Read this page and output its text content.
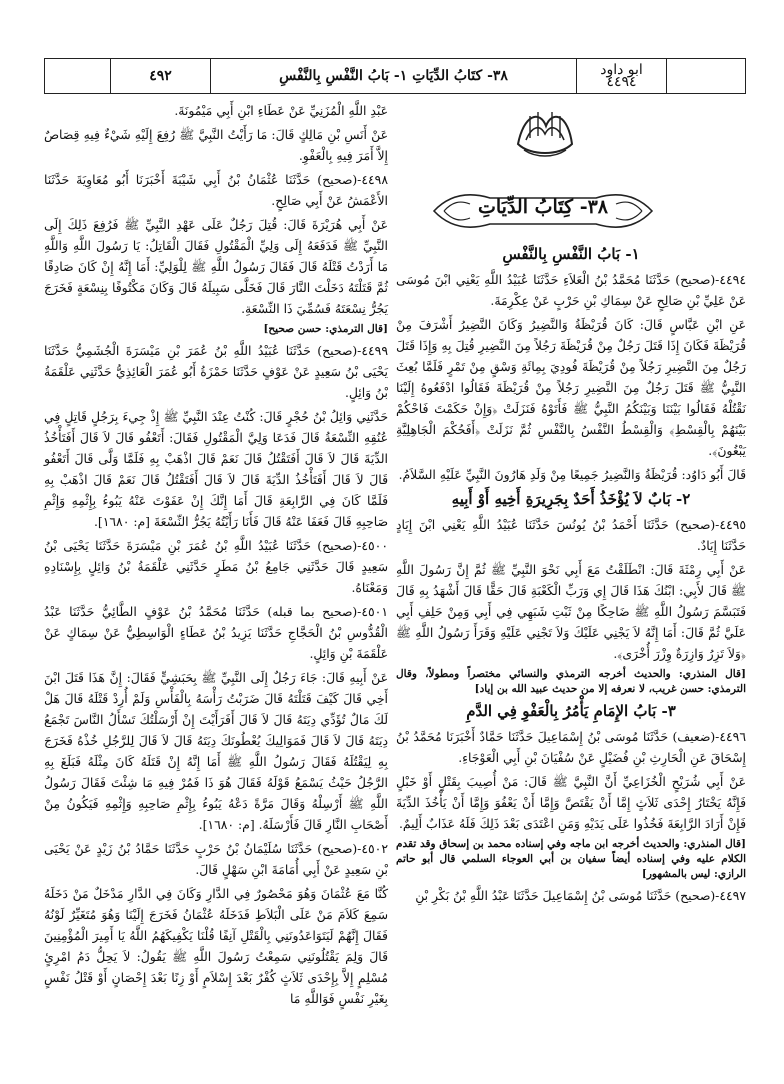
٤٩٢	٣٨- كتَابُ الدِّيَاتِ ١- بَابُ النَّفْسِ بِالنَّفْسِ	ابو داود
٤٤٩٤
٣٨- كِتَابُ الدِّيَاتِ

عَبْدِ اللَّهِ الْمُزَنِيِّ عَنْ عَطَاءِ ابْنِ أَبِي مَيْمُونَةَ.

عَنْ أَنَسِ بْنِ مَالِكٍ قَالَ: مَا رَأَيْتُ النَّبِيَّ ﷺ رُفِعَ إِلَيْهِ شَيْءٌ فِيهِ قِصَاصٌ إِلاَّ أَمَرَ فِيهِ بِالْعَفْوِ.

٤٤٩٨-(صحيح) حَدَّثَنَا عُثْمَانُ بْنُ أَبِي شَيْبَةَ أَخْبَرَنَا أَبُو مُعَاوِيَةَ حَدَّثَنَا الأَعْمَشُ عَنْ أَبِي صَالِحٍ.

عَنْ أَبِي هُرَيْرَةَ قَالَ: قُتِلَ رَجُلٌ عَلَى عَهْدِ النَّبِيِّ ﷺ فَرُفِعَ ذَلِكَ إِلَى النَّبِيِّ ﷺ فَدَفَعَهُ إِلَى وَلِيِّ الْمَقْتُولِ فَقَالَ الْقَاتِلُ: يَا رَسُولَ اللَّهِ وَاللَّهِ مَا أَرَدْتُ قَتْلَهُ قَالَ فَقَالَ رَسُولُ اللَّهِ ﷺ لِلْوَلِيِّ: أَمَا إِنَّهُ إِنْ كَانَ صَادِقًا ثُمَّ قَتَلْتَهُ دَخَلْتَ النَّارَ قَالَ فَخَلَّى سَبِيلَهُ قَالَ وَكَانَ مَكْتُوفًا بِنِسْعَةٍ فَخَرَجَ يَجُرُّ نِسْعَتَهُ فَسُمِّيَ ذَا النِّسْعَةِ.

[قال الترمذي: حسن صحيح]

٤٤٩٩-(صحيح) حَدَّثَنَا عُبَيْدُ اللَّهِ بْنُ عُمَرَ بْنِ مَيْسَرَةَ الْجُشَمِيُّ حَدَّثَنَا يَحْيَى بْنُ سَعِيدٍ عَنْ عَوْفٍ حَدَّثَنَا حَمْزَةُ أَبُو عُمَرَ الْعَائِذِيُّ حَدَّثَنِي عَلْقَمَةُ بْنُ وَائِلٍ.

حَدَّثَنِي وَائِلُ بْنُ حُجْرٍ قَالَ: كُنْتُ عِنْدَ النَّبِيِّ ﷺ إِذْ جِيءَ بِرَجُلٍ قَاتِلٍ فِي عُنُقِهِ النِّسْعَةُ قَالَ فَدَعَا وَلِيَّ الْمَقْتُولِ فَقَالَ: أَتَعْفُو قَالَ لاَ قَالَ أَفَتَأْخُذُ الدِّيَةَ قَالَ لاَ قَالَ أَفَتَقْتُلُ قَالَ نَعَمْ قَالَ اذْهَبْ بِهِ فَلَمَّا وَلَّى قَالَ أَتَعْفُو قَالَ لاَ قَالَ أَفَتَأْخُذُ الدِّيَةَ قَالَ لاَ قَالَ أَفَتَقْتُلُ قَالَ نَعَمْ قَالَ اذْهَبْ بِهِ فَلَمَّا كَانَ فِي الرَّابِعَةِ قَالَ أَمَا إِنَّكَ إِنْ عَفَوْتَ عَنْهُ يَبُوءُ بِإِثْمِهِ وَإِثْمِ صَاحِبِهِ قَالَ فَعَفَا عَنْهُ قَالَ فَأَنَا رَأَيْتُهُ يَجُرُّ النِّسْعَةَ [م: ١٦٨٠].

٤٥٠٠-(صحيح) حَدَّثَنَا عُبَيْدُ اللَّهِ بْنُ عُمَرَ بْنِ مَيْسَرَةَ حَدَّثَنَا يَحْيَى بْنُ سَعِيدٍ قَالَ حَدَّثَنِي جَامِعُ بْنُ مَطَرٍ حَدَّثَنِي عَلْقَمَةُ بْنُ وَائِلٍ بِإِسْنَادِهِ وَمَعْنَاهُ.

٤٥٠١-(صحيح بما قبله) حَدَّثَنَا مُحَمَّدُ بْنُ عَوْفٍ الطَّائِيُّ حَدَّثَنَا عَبْدُ الْقُدُّوسِ بْنُ الْحَجَّاجِ حَدَّثَنَا يَزِيدُ بْنُ عَطَاءٍ الْوَاسِطِيُّ عَنْ سِمَاكٍ عَنْ عَلْقَمَةَ بْنِ وَائِلٍ.

عَنْ أَبِيهِ قَالَ: جَاءَ رَجُلٌ إِلَى النَّبِيِّ ﷺ بِحَبَشِيٍّ فَقَالَ: إِنَّ هَذَا قَتَلَ ابْنَ أَخِي قَالَ كَيْفَ قَتَلْتَهُ قَالَ ضَرَبْتُ رَأْسَهُ بِالْفَأْسِ وَلَمْ أُرِدْ قَتْلَهُ قَالَ هَلْ لَكَ مَالٌ تُؤَدِّي دِيَتَهُ قَالَ لاَ قَالَ أَفَرَأَيْتَ إِنْ أَرْسَلْتُكَ تَسْأَلُ النَّاسَ تَجْمَعُ دِيَتَهُ قَالَ لاَ قَالَ فَمَوَالِيكَ يُعْطُونَكَ دِيَتَهُ قَالَ لاَ قَالَ لِلرَّجُلِ خُذْهُ فَخَرَجَ بِهِ لِيَقْتُلَهُ فَقَالَ رَسُولُ اللَّهِ ﷺ أَمَا إِنَّهُ إِنْ قَتَلَهُ كَانَ مِثْلَهُ فَبَلَغَ بِهِ الرَّجُلُ حَيْثُ يَسْمَعُ قَوْلَهُ فَقَالَ هُوَ ذَا فَمُرْ فِيهِ مَا شِئْتَ فَقَالَ رَسُولُ اللَّهِ ﷺ أَرْسِلْهُ وَقَالَ مَرَّةً دَعْهُ يَبُوءُ بِإِثْمِ صَاحِبِهِ وَإِثْمِهِ فَيَكُونُ مِنْ أَصْحَابِ النَّارِ قَالَ فَأَرْسَلَهُ. [م: ١٦٨٠].

٤٥٠٢-(صحيح) حَدَّثَنَا سُلَيْمَانُ بْنُ حَرْبٍ حَدَّثَنَا حَمَّادُ بْنُ زَيْدٍ عَنْ يَحْيَى بْنِ سَعِيدٍ عَنْ أَبِي أُمَامَةَ ابْنِ سَهْلٍ قَالَ.

كُنَّا مَعَ عُثْمَانَ وَهُوَ مَحْصُورٌ فِي الدَّارِ وَكَانَ فِي الدَّارِ مَدْخَلٌ مَنْ دَخَلَهُ سَمِعَ كَلاَمَ مَنْ عَلَى الْبَلاَطِ فَدَخَلَهُ عُثْمَانُ فَخَرَجَ إِلَيْنَا وَهُوَ مُتَغَيِّرٌ لَوْنُهُ فَقَالَ إِنَّهُمْ لَيَتَوَاعَدُونَنِي بِالْقَتْلِ آنِفًا قُلْنَا يَكْفِيكَهُمُ اللَّهُ يَا أَمِيرَ الْمُؤْمِنِينَ قَالَ وَلِمَ يَقْتُلُونَنِي سَمِعْتُ رَسُولَ اللَّهِ ﷺ يَقُولُ: لاَ يَحِلُّ دَمُ امْرِئٍ مُسْلِمٍ إِلاَّ بِإِحْدَى ثَلاَثٍ كُفْرٌ بَعْدَ إِسْلاَمٍ أَوْ زِنًا بَعْدَ إِحْصَانٍ أَوْ قَتْلُ نَفْسٍ بِغَيْرِ نَفْسٍ فَوَاللَّهِ مَا

١- بَابُ النَّفْسِ بِالنَّفْسِ

٤٤٩٤-(صحيح) حَدَّثَنَا مُحَمَّدُ بْنُ الْعَلاَءِ حَدَّثَنَا عُبَيْدُ اللَّهِ يَعْنِي ابْنَ مُوسَى عَنْ عَلِيِّ بْنِ صَالِحٍ عَنْ سِمَاكِ بْنِ حَرْبٍ عَنْ عِكْرِمَةَ.

عَنِ ابْنِ عَبَّاسٍ قَالَ: كَانَ قُرَيْظَةُ وَالنَّضِيرُ وَكَانَ النَّضِيرُ أَشْرَفَ مِنْ قُرَيْظَةَ فَكَانَ إِذَا قَتَلَ رَجُلٌ مِنْ قُرَيْظَةَ رَجُلاً مِنَ النَّضِيرِ قُتِلَ بِهِ وَإِذَا قَتَلَ رَجُلٌ مِنَ النَّضِيرِ رَجُلاً مِنْ قُرَيْظَةَ فُودِيَ بِمِائَةِ وَسْقٍ مِنْ تَمْرٍ فَلَمَّا بُعِثَ النَّبِيُّ ﷺ قَتَلَ رَجُلٌ مِنَ النَّضِيرِ رَجُلاً مِنْ قُرَيْظَةَ فَقَالُوا ادْفَعُوهُ إِلَيْنَا نَقْتُلْهُ فَقَالُوا بَيْنَنَا وَبَيْنَكُمُ النَّبِيُّ ﷺ فَأَتَوْهُ فَنَزَلَتْ ﴿وَإِنْ حَكَمْتَ فَاحْكُمْ بَيْنَهُمْ بِالْقِسْطِ﴾ وَالْقِسْطُ النَّفْسُ بِالنَّفْسِ ثُمَّ نَزَلَتْ ﴿أَفَحُكْمَ الْجَاهِلِيَّةِ يَبْغُونَ﴾.

قَالَ أَبُو دَاوُد: قُرَيْظَةُ وَالنَّضِيرُ جَمِيعًا مِنْ وَلَدِ هَارُونَ النَّبِيِّ عَلَيْهِ السَّلاَمُ.

٢- بَابٌ لاَ يُؤْخَذُ أَحَدٌ بِجَرِيرَةِ أَخِيهِ أَوْ أَبِيهِ

٤٤٩٥-(صحيح) حَدَّثَنَا أَحْمَدُ بْنُ يُونُسَ حَدَّثَنَا عُبَيْدُ اللَّهِ يَعْنِي ابْنَ إِيَادٍ حَدَّثَنَا إِيَادٌ.

عَنْ أَبِي رِمْثَةَ قَالَ: انْطَلَقْتُ مَعَ أَبِي نَحْوَ النَّبِيِّ ﷺ ثُمَّ إِنَّ رَسُولَ اللَّهِ ﷺ قَالَ لأَبِي: ابْنُكَ هَذَا قَالَ إِي وَرَبِّ الْكَعْبَةِ قَالَ حَقًّا قَالَ أَشْهَدُ بِهِ قَالَ فَتَبَسَّمَ رَسُولُ اللَّهِ ﷺ ضَاحِكًا مِنْ ثَبْتِ شَبَهِي فِي أَبِي وَمِنْ حَلِفِ أَبِي عَلَيَّ ثُمَّ قَالَ: أَمَا إِنَّهُ لاَ يَجْنِي عَلَيْكَ وَلاَ تَجْنِي عَلَيْهِ وَقَرَأَ رَسُولُ اللَّهِ ﷺ ﴿وَلاَ تَزِرُ وَازِرَةٌ وِزْرَ أُخْرَى﴾.

[قال المنذري: والحديث أخرجه الترمذي والنسائي مختصراً ومطولاً، وقال الترمذي: حسن غريب، لا نعرفه إلا من حديث عبيد الله بن إياد]

٣- بَابُ الإِمَامِ يَأْمُرُ بِالْعَفْوِ فِي الدَّمِ

٤٤٩٦-(ضعيف) حَدَّثَنَا مُوسَى بْنُ إِسْمَاعِيلَ حَدَّثَنَا حَمَّادٌ أَخْبَرَنَا مُحَمَّدُ بْنُ إِسْحَاقَ عَنِ الْحَارِثِ بْنِ فُضَيْلٍ عَنْ سُفْيَانَ بْنِ أَبِي الْعَوْجَاءِ.

عَنْ أَبِي شُرَيْحٍ الْخُزَاعِيِّ أَنَّ النَّبِيَّ ﷺ قَالَ: مَنْ أُصِيبَ بِقَتْلٍ أَوْ خَبْلٍ فَإِنَّهُ يَخْتَارُ إِحْدَى ثَلاَثٍ إِمَّا أَنْ يَقْتَصَّ وَإِمَّا أَنْ يَعْفُوَ وَإِمَّا أَنْ يَأْخُذَ الدِّيَةَ فَإِنْ أَرَادَ الرَّابِعَةَ فَخُذُوا عَلَى يَدَيْهِ وَمَنِ اعْتَدَى بَعْدَ ذَلِكَ فَلَهُ عَذَابٌ أَلِيمٌ.

[قال المنذري: والحديث أخرجه ابن ماجه وفي إسناده محمد بن إسحاق وقد تقدم الكلام عليه وفي إسناده أيضاً سفيان بن أبي العوجاء السلمي قال أبو حاتم الرازي: ليس بالمشهور]

٤٤٩٧-(صحيح) حَدَّثَنَا مُوسَى بْنُ إِسْمَاعِيلَ حَدَّثَنَا عَبْدُ اللَّهِ بْنُ بَكْرِ بْنِ
